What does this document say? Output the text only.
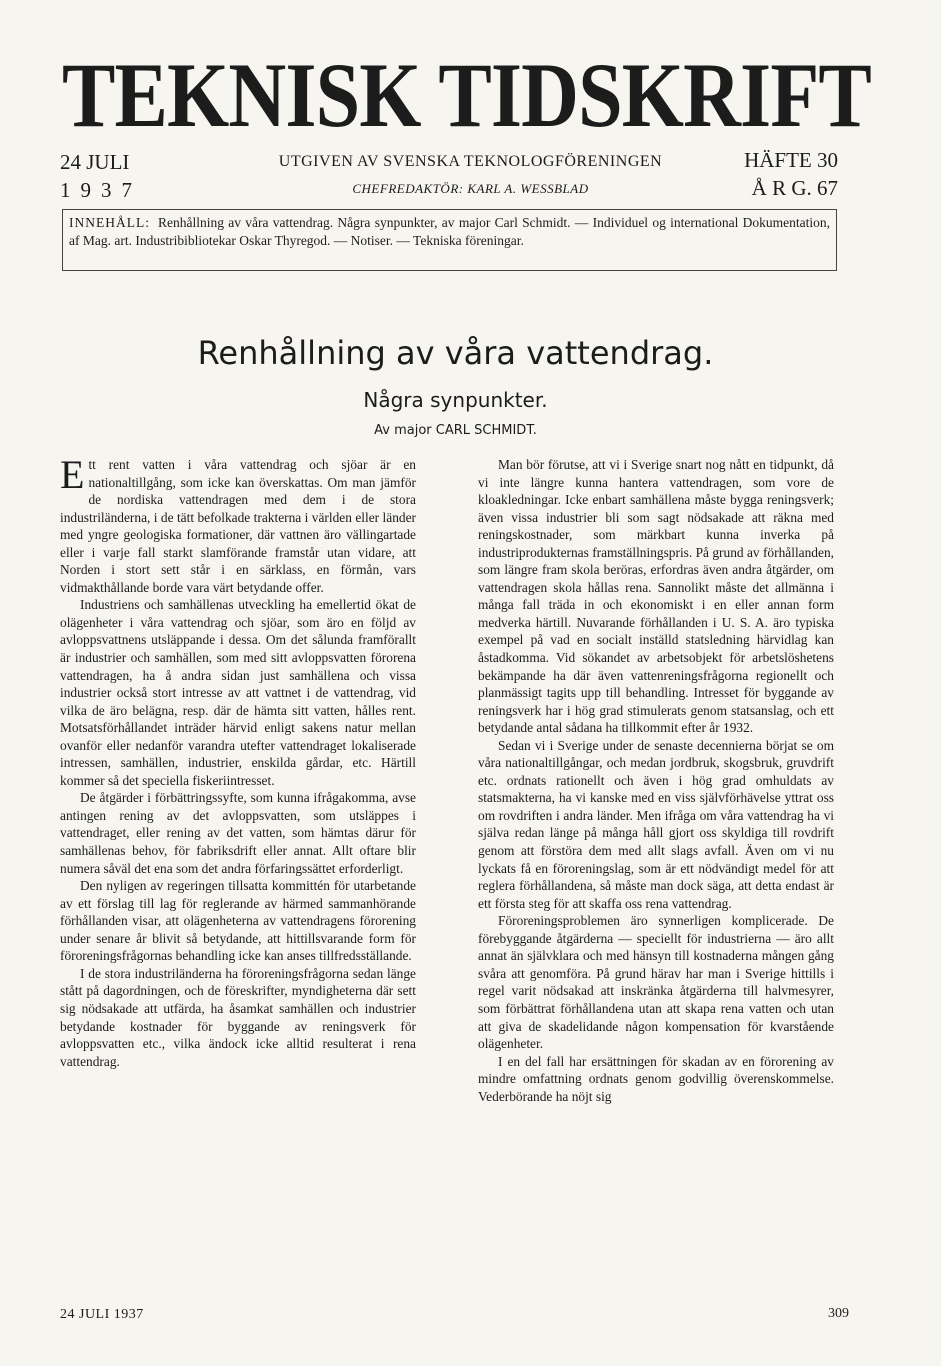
TEKNISK TIDSKRIFT
24 JULI
1937
UTGIVEN AV SVENSKA TEKNOLOGFÖRENINGEN
CHEFREDAKTÖR: KARL A. WESSBLAD
HÄFTE 30
Å R G. 67
INNEHÅLL: Renhållning av våra vattendrag. Några synpunkter, av major Carl Schmidt. — Individuel og international Dokumentation, af Mag. art. Industribibliotekar Oskar Thyregod. — Notiser. — Tekniska föreningar.
Renhållning av våra vattendrag.
Några synpunkter.
Av major CARL SCHMIDT.

Ett rent vatten i våra vattendrag och sjöar är en nationaltillgång, som icke kan överskattas. Om man jämför de nordiska vattendragen med dem i de stora industriländerna, i de tätt befolkade trakterna i världen eller länder med yngre geologiska formationer, där vattnen äro vällingartade eller i varje fall starkt slamförande framstår utan vidare, att Norden i stort sett står i en särklass, en förmån, vars vidmakthållande borde vara värt betydande offer.

Industriens och samhällenas utveckling ha emellertid ökat de olägenheter i våra vattendrag och sjöar, som äro en följd av avloppsvattnens utsläppande i dessa. Om det sålunda framförallt är industrier och samhällen, som med sitt avloppsvatten förorena vattendragen, ha å andra sidan just samhällena och vissa industrier också stort intresse av att vattnet i de vattendrag, vid vilka de äro belägna, resp. där de hämta sitt vatten, hålles rent. Motsatsförhållandet inträder härvid enligt sakens natur mellan ovanför eller nedanför varandra utefter vattendraget lokaliserade intressen, samhällen, industrier, enskilda gårdar, etc. Härtill kommer så det speciella fiskeriintresset.

De åtgärder i förbättringssyfte, som kunna ifrågakomma, avse antingen rening av det avloppsvatten, som utsläppes i vattendraget, eller rening av det vatten, som hämtas därur för samhällenas behov, för fabriksdrift eller annat. Allt oftare blir numera såväl det ena som det andra förfaringssättet erforderligt.

Den nyligen av regeringen tillsatta kommittén för utarbetande av ett förslag till lag för reglerande av härmed sammanhörande förhållanden visar, att olägenheterna av vattendragens förorening under senare år blivit så betydande, att hittillsvarande form för föroreningsfrågornas behandling icke kan anses tillfredsställande.

I de stora industriländerna ha föroreningsfrågorna sedan länge stått på dagordningen, och de föreskrifter, myndigheterna där sett sig nödsakade att utfärda, ha åsamkat samhällen och industrier betydande kostnader för byggande av reningsverk för avloppsvatten etc., vilka ändock icke alltid resulterat i rena vattendrag.

Man bör förutse, att vi i Sverige snart nog nått en tidpunkt, då vi inte längre kunna hantera vattendragen, som vore de kloakledningar. Icke enbart samhällena måste bygga reningsverk; även vissa industrier bli som sagt nödsakade att räkna med reningskostnader, som märkbart kunna inverka på industriprodukternas framställningspris. På grund av förhållanden, som längre fram skola beröras, erfordras även andra åtgärder, om vattendragen skola hållas rena. Sannolikt måste det allmänna i många fall träda in och ekonomiskt i en eller annan form medverka härtill. Nuvarande förhållanden i U. S. A. äro typiska exempel på vad en socialt inställd statsledning härvidlag kan åstadkomma. Vid sökandet av arbetsobjekt för arbetslöshetens bekämpande ha där även vattenreningsfrågorna regionellt och planmässigt tagits upp till behandling. Intresset för byggande av reningsverk har i hög grad stimulerats genom statsanslag, och ett betydande antal sådana ha tillkommit efter år 1932.

Sedan vi i Sverige under de senaste decennierna börjat se om våra nationaltillgångar, och medan jordbruk, skogsbruk, gruvdrift etc. ordnats rationellt och även i hög grad omhuldats av statsmakterna, ha vi kanske med en viss självförhävelse yttrat oss om rovdriften i andra länder. Men ifråga om våra vattendrag ha vi själva redan länge på många håll gjort oss skyldiga till rovdrift genom att förstöra dem med allt slags avfall. Även om vi nu lyckats få en föroreningslag, som är ett nödvändigt medel för att reglera förhållandena, så måste man dock säga, att detta endast är ett första steg för att skaffa oss rena vattendrag.

Föroreningsproblemen äro synnerligen komplicerade. De förebyggande åtgärderna — speciellt för industrierna — äro allt annat än självklara och med hänsyn till kostnaderna mången gång svåra att genomföra. På grund härav har man i Sverige hittills i regel varit nödsakad att inskränka åtgärderna till halvmesyrer, som förbättrat förhållandena utan att skapa rena vatten och utan att giva de skadelidande någon kompensation för kvarstående olägenheter.

I en del fall har ersättningen för skadan av en förorening av mindre omfattning ordnats genom godvillig överenskommelse. Vederbörande ha nöjt sig

24 JULI 1937	309
